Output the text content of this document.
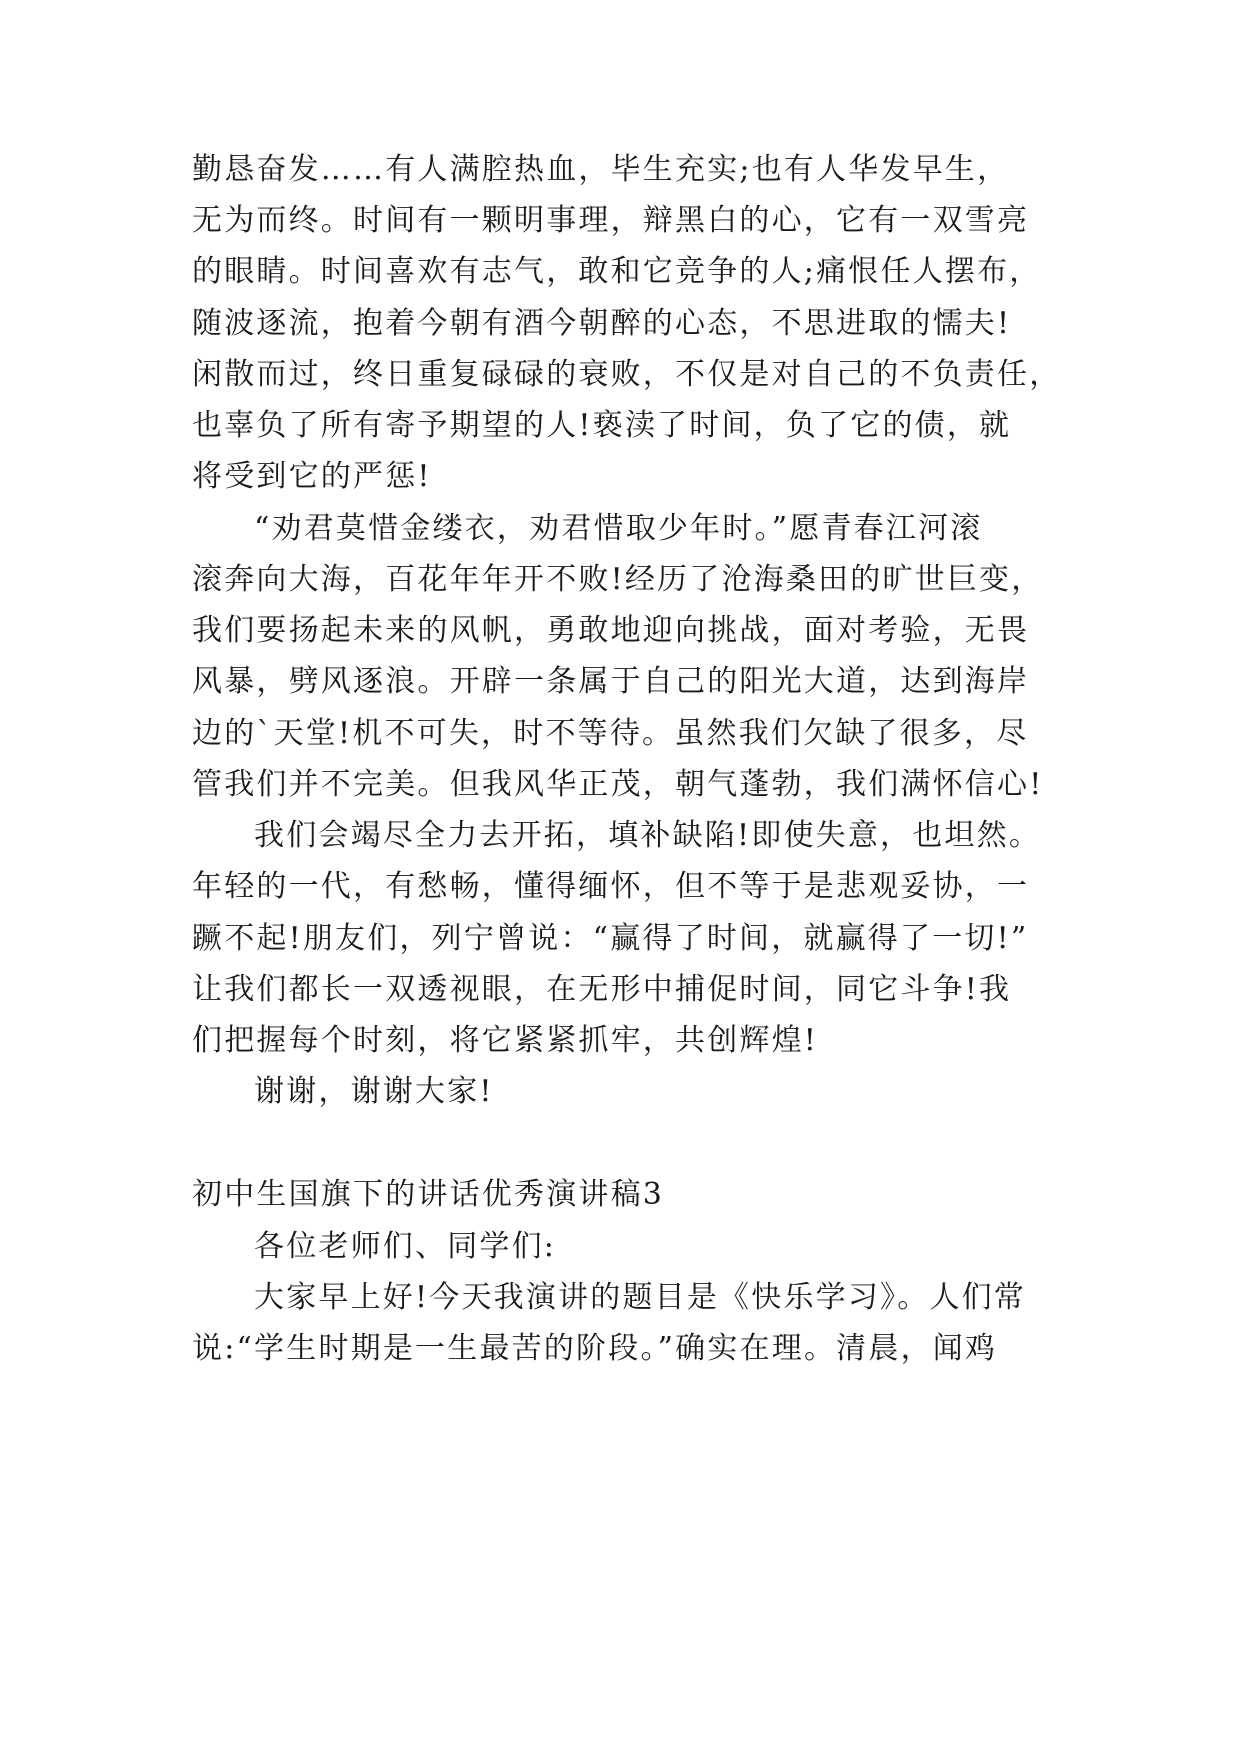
勤恳奋发……有人满腔热血，毕生充实;也有人华发早生，
无为而终。时间有一颗明事理，辩黑白的心，它有一双雪亮
的眼睛。时间喜欢有志气，敢和它竞争的人;痛恨任人摆布，
随波逐流，抱着今朝有酒今朝醉的心态，不思进取的懦夫!
闲散而过，终日重复碌碌的衰败，不仅是对自己的不负责任，
也辜负了所有寄予期望的人!亵渎了时间，负了它的债，就
将受到它的严惩!
“劝君莫惜金缕衣，劝君惜取少年时。”愿青春江河滚
滚奔向大海，百花年年开不败!经历了沧海桑田的旷世巨变，
我们要扬起未来的风帆，勇敢地迎向挑战，面对考验，无畏
风暴，劈风逐浪。开辟一条属于自己的阳光大道，达到海岸
边的`天堂!机不可失，时不等待。虽然我们欠缺了很多，尽
管我们并不完美。但我风华正茂，朝气蓬勃，我们满怀信心!
我们会竭尽全力去开拓，填补缺陷!即使失意，也坦然。
年轻的一代，有愁畅，懂得缅怀，但不等于是悲观妥协，一
蹶不起!朋友们，列宁曾说：“赢得了时间，就赢得了一切!”
让我们都长一双透视眼，在无形中捕促时间，同它斗争!我
们把握每个时刻，将它紧紧抓牢，共创辉煌!
谢谢，谢谢大家!
初中生国旗下的讲话优秀演讲稿3
各位老师们、同学们:
大家早上好!今天我演讲的题目是《快乐学习》。人们常
说:“学生时期是一生最苦的阶段。”确实在理。清晨，闻鸡
